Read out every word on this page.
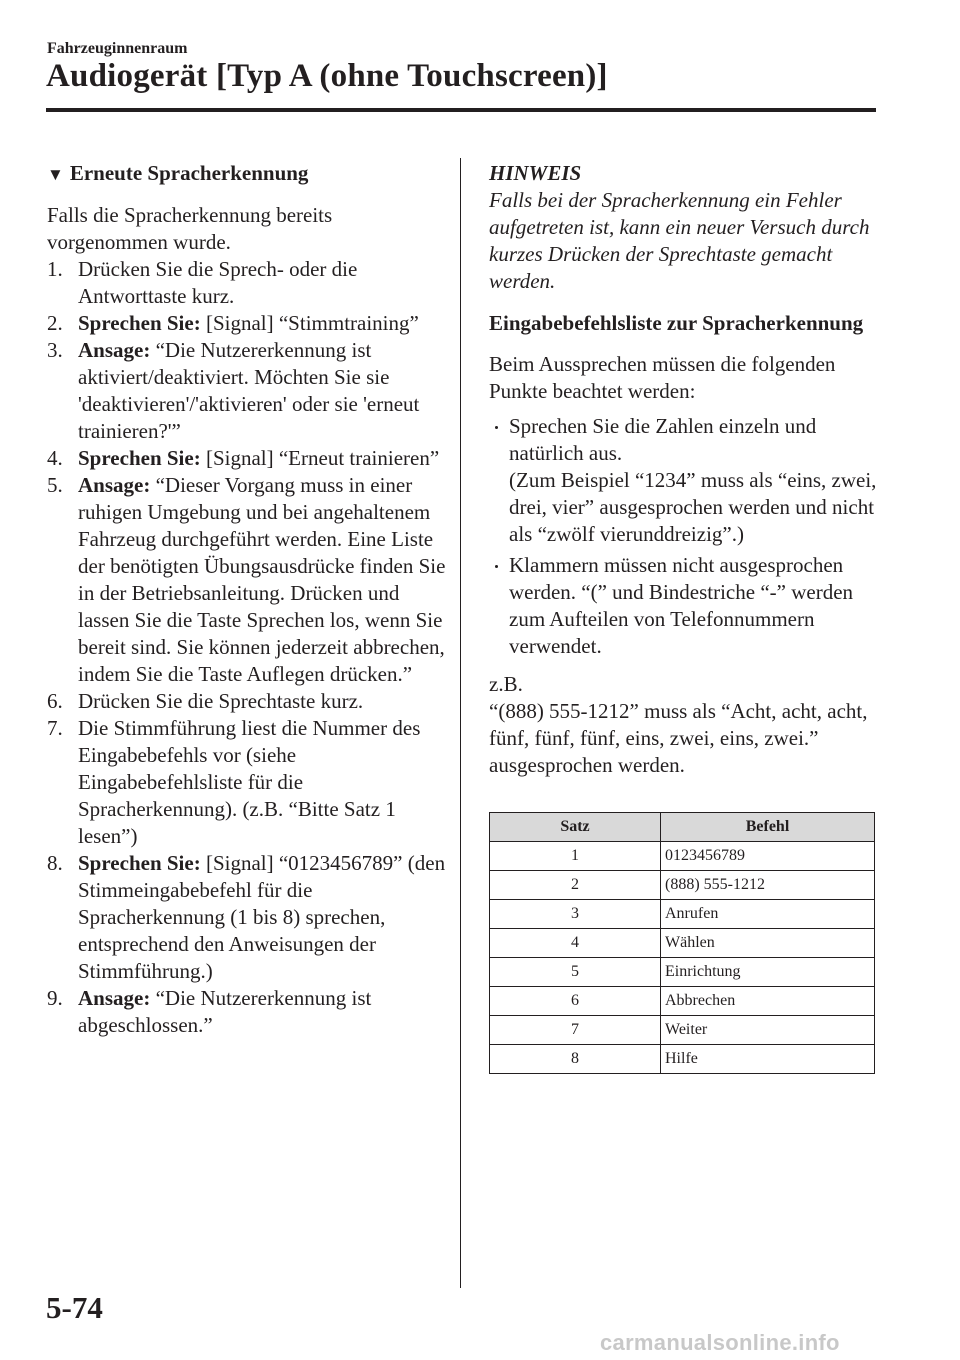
Fahrzeuginnenraum
Audiogerät [Typ A (ohne Touchscreen)]

▼ Erneute Spracherkennung

Falls die Spracherkennung bereits vorgenommen wurde.

1. Drücken Sie die Sprech- oder die Antworttaste kurz.
2. Sprechen Sie: [Signal] “Stimmtraining”
3. Ansage: “Die Nutzererkennung ist aktiviert/deaktiviert. Möchten Sie sie 'deaktivieren'/'aktivieren' oder sie 'erneut trainieren?'”
4. Sprechen Sie: [Signal] “Erneut trainieren”
5. Ansage: “Dieser Vorgang muss in einer ruhigen Umgebung und bei angehaltenem Fahrzeug durchgeführt werden. Eine Liste der benötigten Übungsausdrücke finden Sie in der Betriebsanleitung. Drücken und lassen Sie die Taste Sprechen los, wenn Sie bereit sind. Sie können jederzeit abbrechen, indem Sie die Taste Auflegen drücken.”
6. Drücken Sie die Sprechtaste kurz.
7. Die Stimmführung liest die Nummer des Eingabebefehls vor (siehe Eingabebefehlsliste für die Spracherkennung). (z.B. “Bitte Satz 1 lesen”)
8. Sprechen Sie: [Signal] “0123456789” (den Stimmeingabebefehl für die Spracherkennung (1 bis 8) sprechen, entsprechend den Anweisungen der Stimmführung.)
9. Ansage: “Die Nutzererkennung ist abgeschlossen.”

HINWEIS

Falls bei der Spracherkennung ein Fehler aufgetreten ist, kann ein neuer Versuch durch kurzes Drücken der Sprechtaste gemacht werden.

Eingabebefehlsliste zur Spracherkennung

Beim Aussprechen müssen die folgenden Punkte beachtet werden:

Sprechen Sie die Zahlen einzeln und natürlich aus.
(Zum Beispiel “1234” muss als “eins, zwei, drei, vier” ausgesprochen werden und nicht als “zwölf vierunddreizig”.)
Klammern müssen nicht ausgesprochen werden. “(” und Bindestriche “-” werden zum Aufteilen von Telefonnummern verwendet.

z.B.

“(888) 555-1212” muss als “Acht, acht, acht, fünf, fünf, fünf, eins, zwei, eins, zwei.” ausgesprochen werden.

Satz	Befehl
1	0123456789
2	(888) 555-1212
3	Anrufen
4	Wählen
5	Einrichtung
6	Abbrechen
7	Weiter
8	Hilfe
5-74
carmanualsonline.info
